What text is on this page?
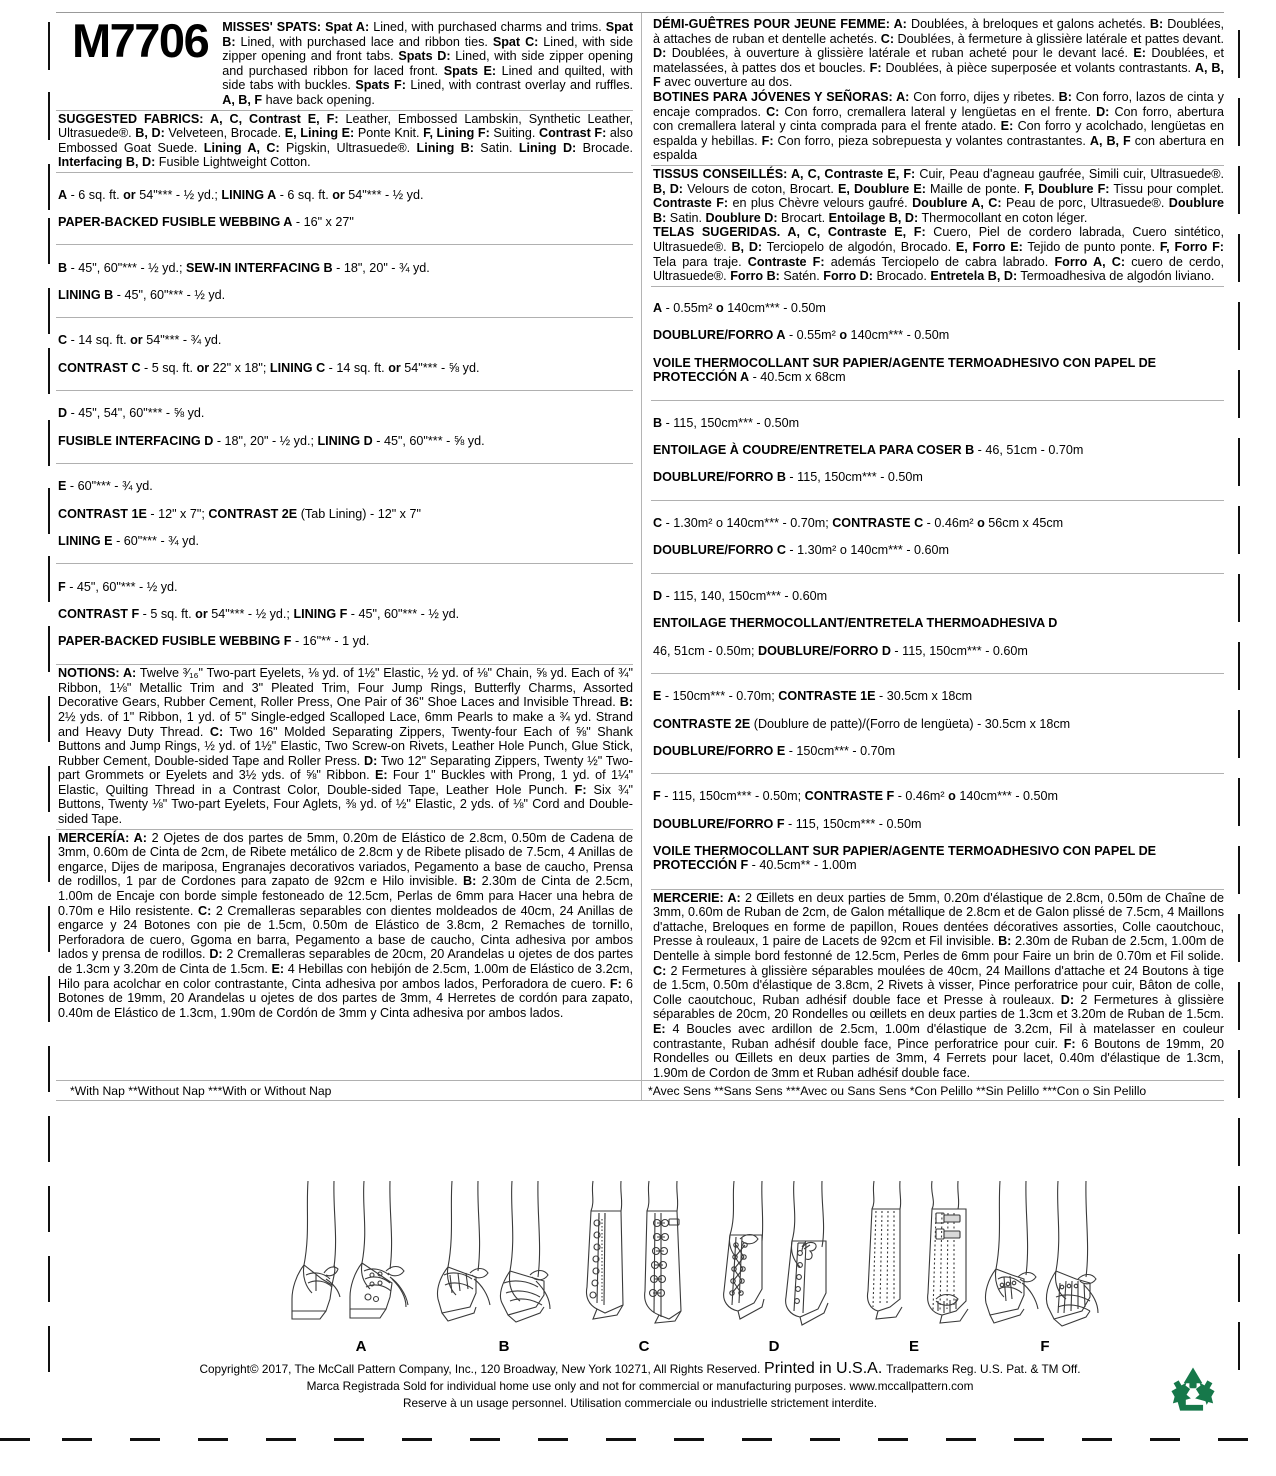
M7706	MISSES' SPATS: Spat A: Lined, with purchased charms and trims. Spat B: Lined, with purchased lace and ribbon ties. Spat C: Lined, with side zipper opening and front tabs. Spats D: Lined, with side zipper opening and purchased ribbon for laced front. Spats E: Lined and quilted, with side tabs with buckles. Spats F: Lined, with contrast overlay and ruffles. A, B, F have back opening.
SUGGESTED FABRICS: A, C, Contrast E, F: Leather, Embossed Lambskin, Synthetic Leather, Ultrasuede®. B, D: Velveteen, Brocade. E, Lining E: Ponte Knit. F, Lining F: Suiting. Contrast F: also Embossed Goat Suede. Lining A, C: Pigskin, Ultrasuede®. Lining B: Satin. Lining D: Brocade. Interfacing B, D: Fusible Lightweight Cotton.

A - 6 sq. ft. or 54"*** - ½ yd.; LINING A - 6 sq. ft. or 54"*** - ½ yd.

PAPER-BACKED FUSIBLE WEBBING A - 16" x 27"

B - 45", 60"*** - ½ yd.; SEW-IN INTERFACING B - 18", 20" - ¾ yd.

LINING B - 45", 60"*** - ½ yd.

C - 14 sq. ft. or 54"*** - ¾ yd.

CONTRAST C - 5 sq. ft. or 22" x 18"; LINING C - 14 sq. ft. or 54"*** - ⅝ yd.

D - 45", 54", 60"*** - ⅝ yd.

FUSIBLE INTERFACING D - 18", 20" - ½ yd.; LINING D - 45", 60"*** - ⅝ yd.

E - 60"*** - ¾ yd.

CONTRAST 1E - 12" x 7"; CONTRAST 2E (Tab Lining) - 12" x 7"

LINING E - 60"*** - ¾ yd.

F - 45", 60"*** - ½ yd.

CONTRAST F - 5 sq. ft. or 54"*** - ½ yd.; LINING F - 45", 60"*** - ½ yd.

PAPER-BACKED FUSIBLE WEBBING F - 16"** - 1 yd.

NOTIONS: A: Twelve ³⁄₁₆" Two-part Eyelets, ⅛ yd. of 1½" Elastic, ½ yd. of ⅛" Chain, ⅝ yd. Each of ¾" Ribbon, 1⅛" Metallic Trim and 3" Pleated Trim, Four Jump Rings, Butterfly Charms, Assorted Decorative Gears, Rubber Cement, Roller Press, One Pair of 36" Shoe Laces and Invisible Thread. B: 2½ yds. of 1" Ribbon, 1 yd. of 5" Single-edged Scalloped Lace, 6mm Pearls to make a ¾ yd. Strand and Heavy Duty Thread. C: Two 16" Molded Separating Zippers, Twenty-four Each of ⅝" Shank Buttons and Jump Rings, ½ yd. of 1½" Elastic, Two Screw-on Rivets, Leather Hole Punch, Glue Stick, Rubber Cement, Double-sided Tape and Roller Press. D: Two 12" Separating Zippers, Twenty ½" Two-part Grommets or Eyelets and 3½ yds. of ⅝" Ribbon. E: Four 1" Buckles with Prong, 1 yd. of 1¼" Elastic, Quilting Thread in a Contrast Color, Double-sided Tape, Leather Hole Punch. F: Six ¾" Buttons, Twenty ⅛" Two-part Eyelets, Four Aglets, ⅜ yd. of ½" Elastic, 2 yds. of ⅛" Cord and Double-sided Tape.
MERCERÍA: A: 2 Ojetes de dos partes de 5mm, 0.20m de Elástico de 2.8cm, 0.50m de Cadena de 3mm, 0.60m de Cinta de 2cm, de Ribete metálico de 2.8cm y de Ribete plisado de 7.5cm, 4 Anillas de engarce, Dijes de mariposa, Engranajes decorativos variados, Pegamento a base de caucho, Prensa de rodillos, 1 par de Cordones para zapato de 92cm e Hilo invisible. B: 2.30m de Cinta de 2.5cm, 1.00m de Encaje con borde simple festoneado de 12.5cm, Perlas de 6mm para Hacer una hebra de 0.70m e Hilo resistente. C: 2 Cremalleras separables con dientes moldeados de 40cm, 24 Anillas de engarce y 24 Botones con pie de 1.5cm, 0.50m de Elástico de 3.8cm, 2 Remaches de tornillo, Perforadora de cuero, Ggoma en barra, Pegamento a base de caucho, Cinta adhesiva por ambos lados y prensa de rodillos. D: 2 Cremalleras separables de 20cm, 20 Arandelas u ojetes de dos partes de 1.3cm y 3.20m de Cinta de 1.5cm. E: 4 Hebillas con hebijón de 2.5cm, 1.00m de Elástico de 3.2cm, Hilo para acolchar en color contrastante, Cinta adhesiva por ambos lados, Perforadora de cuero. F: 6 Botones de 19mm, 20 Arandelas u ojetes de dos partes de 3mm, 4 Herretes de cordón para zapato, 0.40m de Elástico de 1.3cm, 1.90m de Cordón de 3mm y Cinta adhesiva por ambos lados.
DÉMI-GUÊTRES POUR JEUNE FEMME: A: Doublées, à breloques et galons achetés. B: Doublées, à attaches de ruban et dentelle achetés. C: Doublées, à fermeture à glissière latérale et pattes devant. D: Doublées, à ouverture à glissière latérale et ruban acheté pour le devant lacé. E: Doublées, et matelassées, à pattes dos et boucles. F: Doublées, à pièce superposée et volants contrastants. A, B, F avec ouverture au dos.
BOTINES PARA JÓVENES Y SEÑORAS: A: Con forro, dijes y ribetes. B: Con forro, lazos de cinta y encaje comprados. C: Con forro, cremallera lateral y lengüetas en el frente. D: Con forro, abertura con cremallera lateral y cinta comprada para el frente atado. E: Con forro y acolchado, lengüetas en espalda y hebillas. F: Con forro, pieza sobrepuesta y volantes contrastantes. A, B, F con abertura en espalda
TISSUS CONSEILLÉS: A, C, Contraste E, F: Cuir, Peau d'agneau gaufrée, Simili cuir, Ultrasuede®. B, D: Velours de coton, Brocart. E, Doublure E: Maille de ponte. F, Doublure F: Tissu pour complet. Contraste F: en plus Chèvre velours gaufré. Doublure A, C: Peau de porc, Ultrasuede®. Doublure B: Satin. Doublure D: Brocart. Entoilage B, D: Thermocollant en coton léger.
TELAS SUGERIDAS. A, C, Contraste E, F: Cuero, Piel de cordero labrada, Cuero sintético, Ultrasuede®. B, D: Terciopelo de algodón, Brocado. E, Forro E: Tejido de punto ponte. F, Forro F: Tela para traje. Contraste F: además Terciopelo de cabra labrado. Forro A, C: cuero de cerdo, Ultrasuede®. Forro B: Satén. Forro D: Brocado. Entretela B, D: Termoadhesiva de algodón liviano.

A - 0.55m² o 140cm*** - 0.50m

DOUBLURE/FORRO A - 0.55m² o 140cm*** - 0.50m

VOILE THERMOCOLLANT SUR PAPIER/AGENTE TERMOADHESIVO CON PAPEL DE PROTECCIÓN A - 40.5cm x 68cm

B - 115, 150cm*** - 0.50m

ENTOILAGE À COUDRE/ENTRETELA PARA COSER B - 46, 51cm - 0.70m

DOUBLURE/FORRO B - 115, 150cm*** - 0.50m

C - 1.30m² o 140cm*** - 0.70m; CONTRASTE C - 0.46m² o 56cm x 45cm

DOUBLURE/FORRO C - 1.30m² o 140cm*** - 0.60m

D - 115, 140, 150cm*** - 0.60m

ENTOILAGE THERMOCOLLANT/ENTRETELA THERMOADHESIVA D

46, 51cm - 0.50m; DOUBLURE/FORRO D - 115, 150cm*** - 0.60m

E - 150cm*** - 0.70m; CONTRASTE 1E - 30.5cm x 18cm

CONTRASTE 2E (Doublure de patte)/(Forro de lengüeta) - 30.5cm x 18cm

DOUBLURE/FORRO E - 150cm*** - 0.70m

F - 115, 150cm*** - 0.50m; CONTRASTE F - 0.46m² o 140cm*** - 0.50m

DOUBLURE/FORRO F - 115, 150cm*** - 0.50m

VOILE THERMOCOLLANT SUR PAPIER/AGENTE TERMOADHESIVO CON PAPEL DE PROTECCIÓN F - 40.5cm** - 1.00m

MERCERIE: A: 2 Œillets en deux parties de 5mm, 0.20m d'élastique de 2.8cm, 0.50m de Chaîne de 3mm, 0.60m de Ruban de 2cm, de Galon métallique de 2.8cm et de Galon plissé de 7.5cm, 4 Maillons d'attache, Breloques en forme de papillon, Roues dentées décoratives assorties, Colle caoutchouc, Presse à rouleaux, 1 paire de Lacets de 92cm et Fil invisible. B: 2.30m de Ruban de 2.5cm, 1.00m de Dentelle à simple bord festonné de 12.5cm, Perles de 6mm pour Faire un brin de 0.70m et Fil solide. C: 2 Fermetures à glissière séparables moulées de 40cm, 24 Maillons d'attache et 24 Boutons à tige de 1.5cm, 0.50m d'élastique de 3.8cm, 2 Rivets à visser, Pince perforatrice pour cuir, Bâton de colle, Colle caoutchouc, Ruban adhésif double face et Presse à rouleaux. D: 2 Fermetures à glissière séparables de 20cm, 20 Rondelles ou œillets en deux parties de 1.3cm et 3.20m de Ruban de 1.5cm. E: 4 Boucles avec ardillon de 2.5cm, 1.00m d'élastique de 3.2cm, Fil à matelasser en couleur contrastante, Ruban adhésif double face, Pince perforatrice pour cuir. F: 6 Boutons de 19mm, 20 Rondelles ou Œillets en deux parties de 3mm, 4 Ferrets pour lacet, 0.40m d'élastique de 1.3cm, 1.90m de Cordon de 3mm et Ruban adhésif double face.
*With Nap **Without Nap ***With or Without Nap	*Avec Sens **Sans Sens ***Avec ou Sans Sens *Con Pelillo **Sin Pelillo ***Con o Sin Pelillo
A	B	C	D	E	F
Copyright© 2017, The McCall Pattern Company, Inc., 120 Broadway, New York 10271, All Rights Reserved. Printed in U.S.A. Trademarks Reg. U.S. Pat. & TM Off.
Marca Registrada Sold for individual home use only and not for commercial or manufacturing purposes. www.mccallpattern.com
Reserve à un usage personnel. Utilisation commerciale ou industrielle strictement interdite.
